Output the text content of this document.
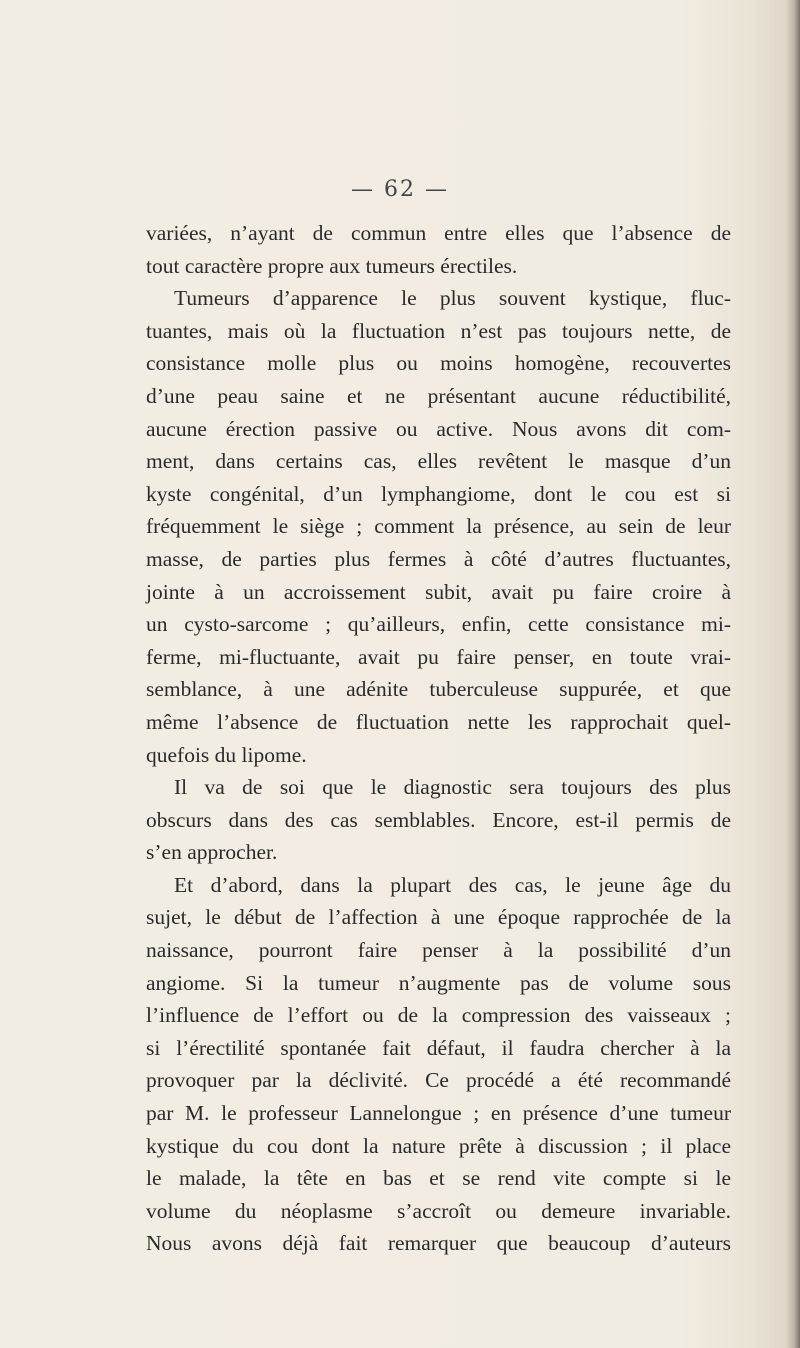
— 62 —
variées, n’ayant de commun entre elles que l’absence de
tout caractère propre aux tumeurs érectiles.
Tumeurs d’apparence le plus souvent kystique, fluc-
tuantes, mais où la fluctuation n’est pas toujours nette, de
consistance molle plus ou moins homogène, recouvertes
d’une peau saine et ne présentant aucune réductibilité,
aucune érection passive ou active. Nous avons dit com-
ment, dans certains cas, elles revêtent le masque d’un
kyste congénital, d’un lymphangiome, dont le cou est si
fréquemment le siège ; comment la présence, au sein de leur
masse, de parties plus fermes à côté d’autres fluctuantes,
jointe à un accroissement subit, avait pu faire croire à
un cysto-sarcome ; qu’ailleurs, enfin, cette consistance mi-
ferme, mi-fluctuante, avait pu faire penser, en toute vrai-
semblance, à une adénite tuberculeuse suppurée, et que
même l’absence de fluctuation nette les rapprochait quel-
quefois du lipome.
Il va de soi que le diagnostic sera toujours des plus
obscurs dans des cas semblables. Encore, est-il permis de
s’en approcher.
Et d’abord, dans la plupart des cas, le jeune âge du
sujet, le début de l’affection à une époque rapprochée de la
naissance, pourront faire penser à la possibilité d’un
angiome. Si la tumeur n’augmente pas de volume sous
l’influence de l’effort ou de la compression des vaisseaux ;
si l’érectilité spontanée fait défaut, il faudra chercher à la
provoquer par la déclivité. Ce procédé a été recommandé
par M. le professeur Lannelongue ; en présence d’une tumeur
kystique du cou dont la nature prête à discussion ; il place
le malade, la tête en bas et se rend vite compte si le
volume du néoplasme s’accroît ou demeure invariable.
Nous avons déjà fait remarquer que beaucoup d’auteurs
